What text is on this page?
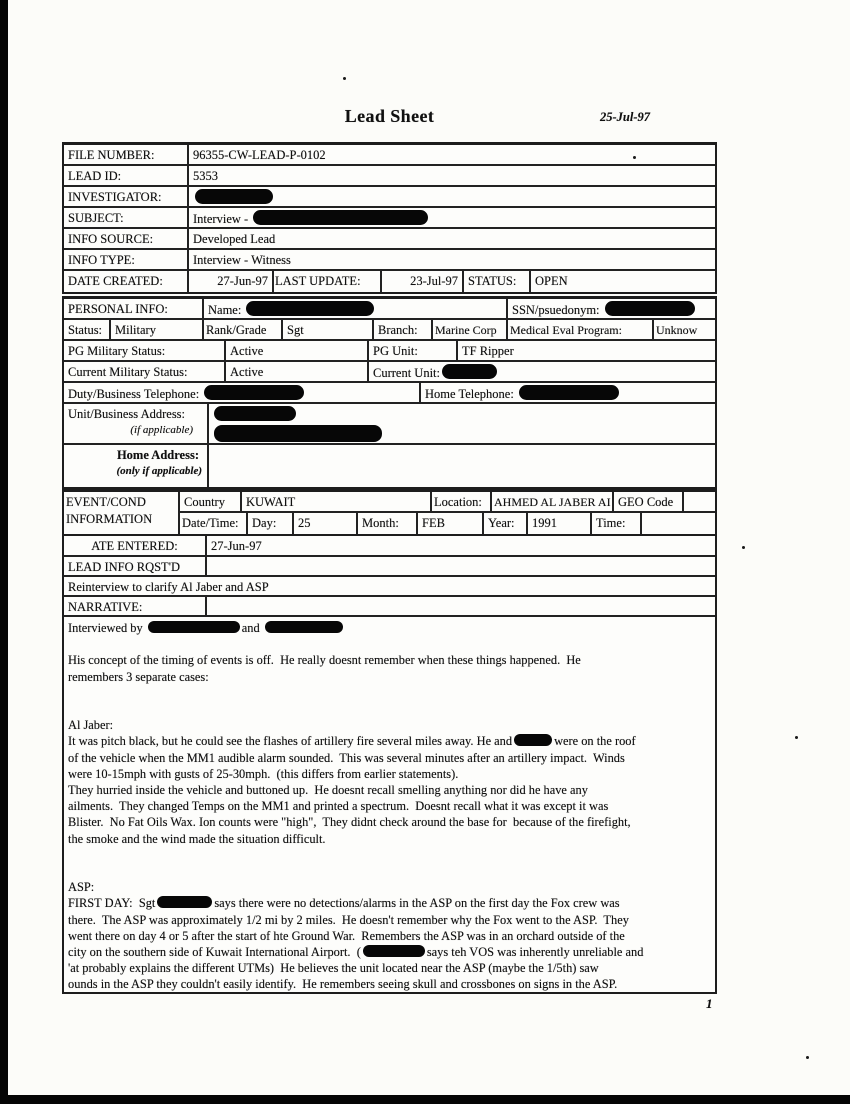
Lead Sheet	25-Jul-97
FILE NUMBER:	96355-CW-LEAD-P-0102
LEAD ID:	5353
INVESTIGATOR:
SUBJECT:	Interview -
INFO SOURCE:	Developed Lead
INFO TYPE:	Interview - Witness
DATE CREATED:	27-Jun-97 LAST UPDATE:	23-Jul-97 STATUS:	OPEN
PERSONAL INFO:	Name:	SSN/psuedonym:
Status:	Military	Rank/Grade	Sgt	Branch:	Marine Corp	Medical Eval Program:	Unknow
PG Military Status:	Active	PG Unit:	TF Ripper
Current Military Status:	Active	Current Unit:
Duty/Business Telephone:	Home Telephone:
Unit/Business Address:
(if applicable)
Home Address:
(only if applicable)
EVENT/COND
INFORMATION
Country	KUWAIT	Location:	AHMED AL JABER AI GEO Code
Date/Time:	Day:	25	Month:	FEB	Year:	1991	Time:
ATE ENTERED:	27-Jun-97
LEAD INFO RQST'D
Reinterview to clarify Al Jaber and ASP
NARRATIVE:
Interviewed by	and
His concept of the timing of events is off.  He really doesnt remember when these things happened.  He
remembers 3 separate cases:
Al Jaber:
It was pitch black, but he could see the flashes of artillery fire several miles away. He and	were on the roof
of the vehicle when the MM1 audible alarm sounded.  This was several minutes after an artillery impact.  Winds
were 10-15mph with gusts of 25-30mph.  (this differs from earlier statements).
They hurried inside the vehicle and buttoned up.  He doesnt recall smelling anything nor did he have any
ailments.  They changed Temps on the MM1 and printed a spectrum.  Doesnt recall what it was except it was
Blister.  No Fat Oils Wax. Ion counts were "high",  They didnt check around the base for  because of the firefight,
the smoke and the wind made the situation difficult.
ASP:
FIRST DAY:  Sgt	says there were no detections/alarms in the ASP on the first day the Fox crew was
there.  The ASP was approximately 1/2 mi by 2 miles.  He doesn't remember why the Fox went to the ASP.  They
went there on day 4 or 5 after the start of hte Ground War.  Remembers the ASP was in an orchard outside of the
city on the southern side of Kuwait International Airport.  (	says teh VOS was inherently unreliable and
'at probably explains the different UTMs)  He believes the unit located near the ASP (maybe the 1/5th) saw
ounds in the ASP they couldn't easily identify.  He remembers seeing skull and crossbones on signs in the ASP.
1
